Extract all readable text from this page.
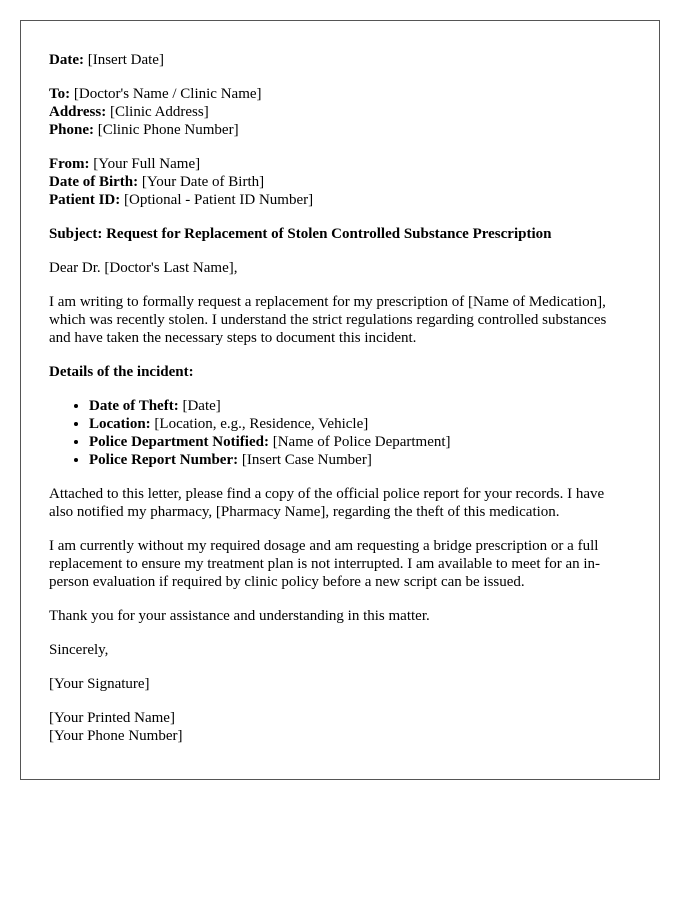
Date: [Insert Date]

To: [Doctor's Name / Clinic Name]

Address: [Clinic Address]

Phone: [Clinic Phone Number]

From: [Your Full Name]

Date of Birth: [Your Date of Birth]

Patient ID: [Optional - Patient ID Number]

Subject: Request for Replacement of Stolen Controlled Substance Prescription

Dear Dr. [Doctor's Last Name],

I am writing to formally request a replacement for my prescription of [Name of Medication], which was recently stolen. I understand the strict regulations regarding controlled substances and have taken the necessary steps to document this incident.

Details of the incident:

• Date of Theft: [Date]
• Location: [Location, e.g., Residence, Vehicle]
• Police Department Notified: [Name of Police Department]
• Police Report Number: [Insert Case Number]

Attached to this letter, please find a copy of the official police report for your records. I have also notified my pharmacy, [Pharmacy Name], regarding the theft of this medication.

I am currently without my required dosage and am requesting a bridge prescription or a full replacement to ensure my treatment plan is not interrupted. I am available to meet for an in-person evaluation if required by clinic policy before a new script can be issued.

Thank you for your assistance and understanding in this matter.

Sincerely,

[Your Signature]

[Your Printed Name]

[Your Phone Number]
